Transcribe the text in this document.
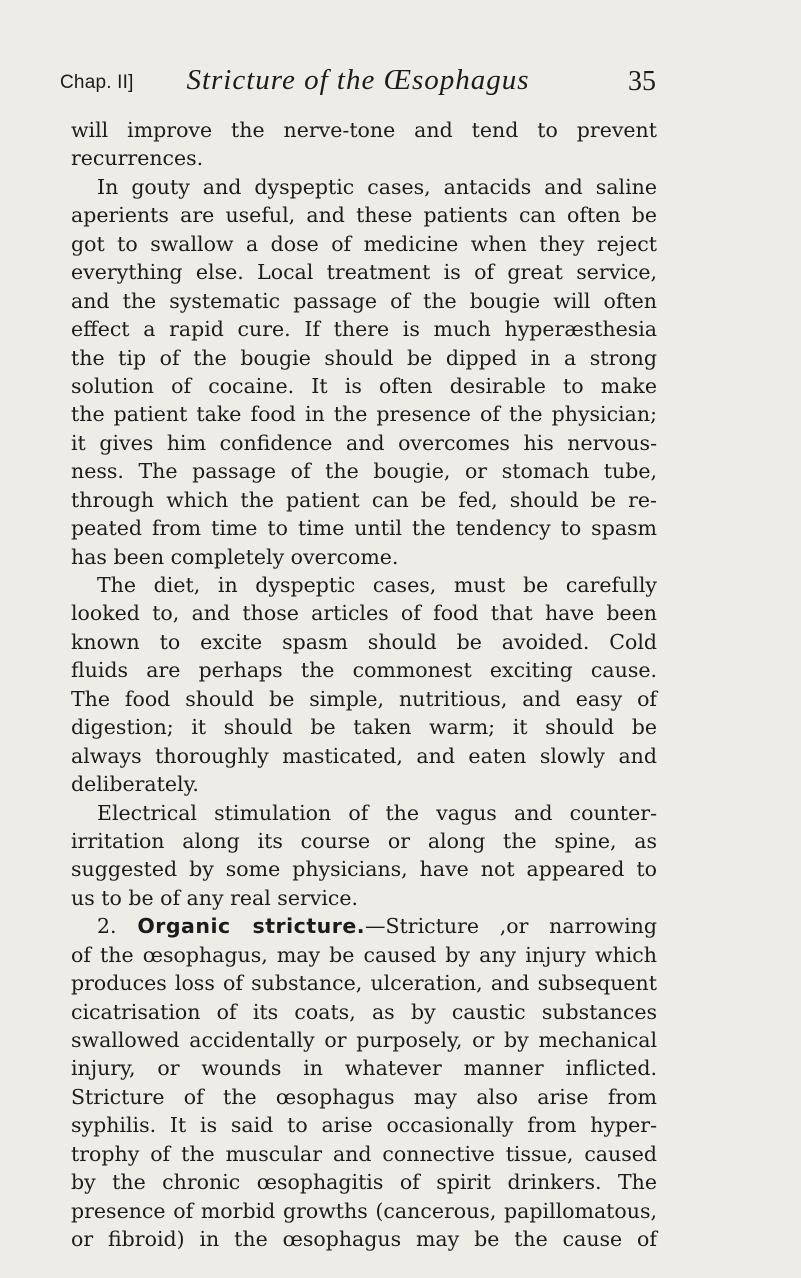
Chap. II]	Stricture of the Œsophagus	35
will improve the nerve-tone and tend to prevent
recurrences.
In gouty and dyspeptic cases, antacids and saline
aperients are useful, and these patients can often be
got to swallow a dose of medicine when they reject
everything else. Local treatment is of great service,
and the systematic passage of the bougie will often
effect a rapid cure. If there is much hyperæsthesia
the tip of the bougie should be dipped in a strong
solution of cocaine. It is often desirable to make
the patient take food in the presence of the physician;
it gives him confidence and overcomes his nervous-
ness. The passage of the bougie, or stomach tube,
through which the patient can be fed, should be re-
peated from time to time until the tendency to spasm
has been completely overcome.
The diet, in dyspeptic cases, must be carefully
looked to, and those articles of food that have been
known to excite spasm should be avoided. Cold
fluids are perhaps the commonest exciting cause.
The food should be simple, nutritious, and easy of
digestion; it should be taken warm; it should be
always thoroughly masticated, and eaten slowly and
deliberately.
Electrical stimulation of the vagus and counter-
irritation along its course or along the spine, as
suggested by some physicians, have not appeared to
us to be of any real service.
2. Organic stricture.—Stricture ,or narrowing
of the œsophagus, may be caused by any injury which
produces loss of substance, ulceration, and subsequent
cicatrisation of its coats, as by caustic substances
swallowed accidentally or purposely, or by mechanical
injury, or wounds in whatever manner inflicted.
Stricture of the œsophagus may also arise from
syphilis. It is said to arise occasionally from hyper-
trophy of the muscular and connective tissue, caused
by the chronic œsophagitis of spirit drinkers. The
presence of morbid growths (cancerous, papillomatous,
or fibroid) in the œsophagus may be the cause of
